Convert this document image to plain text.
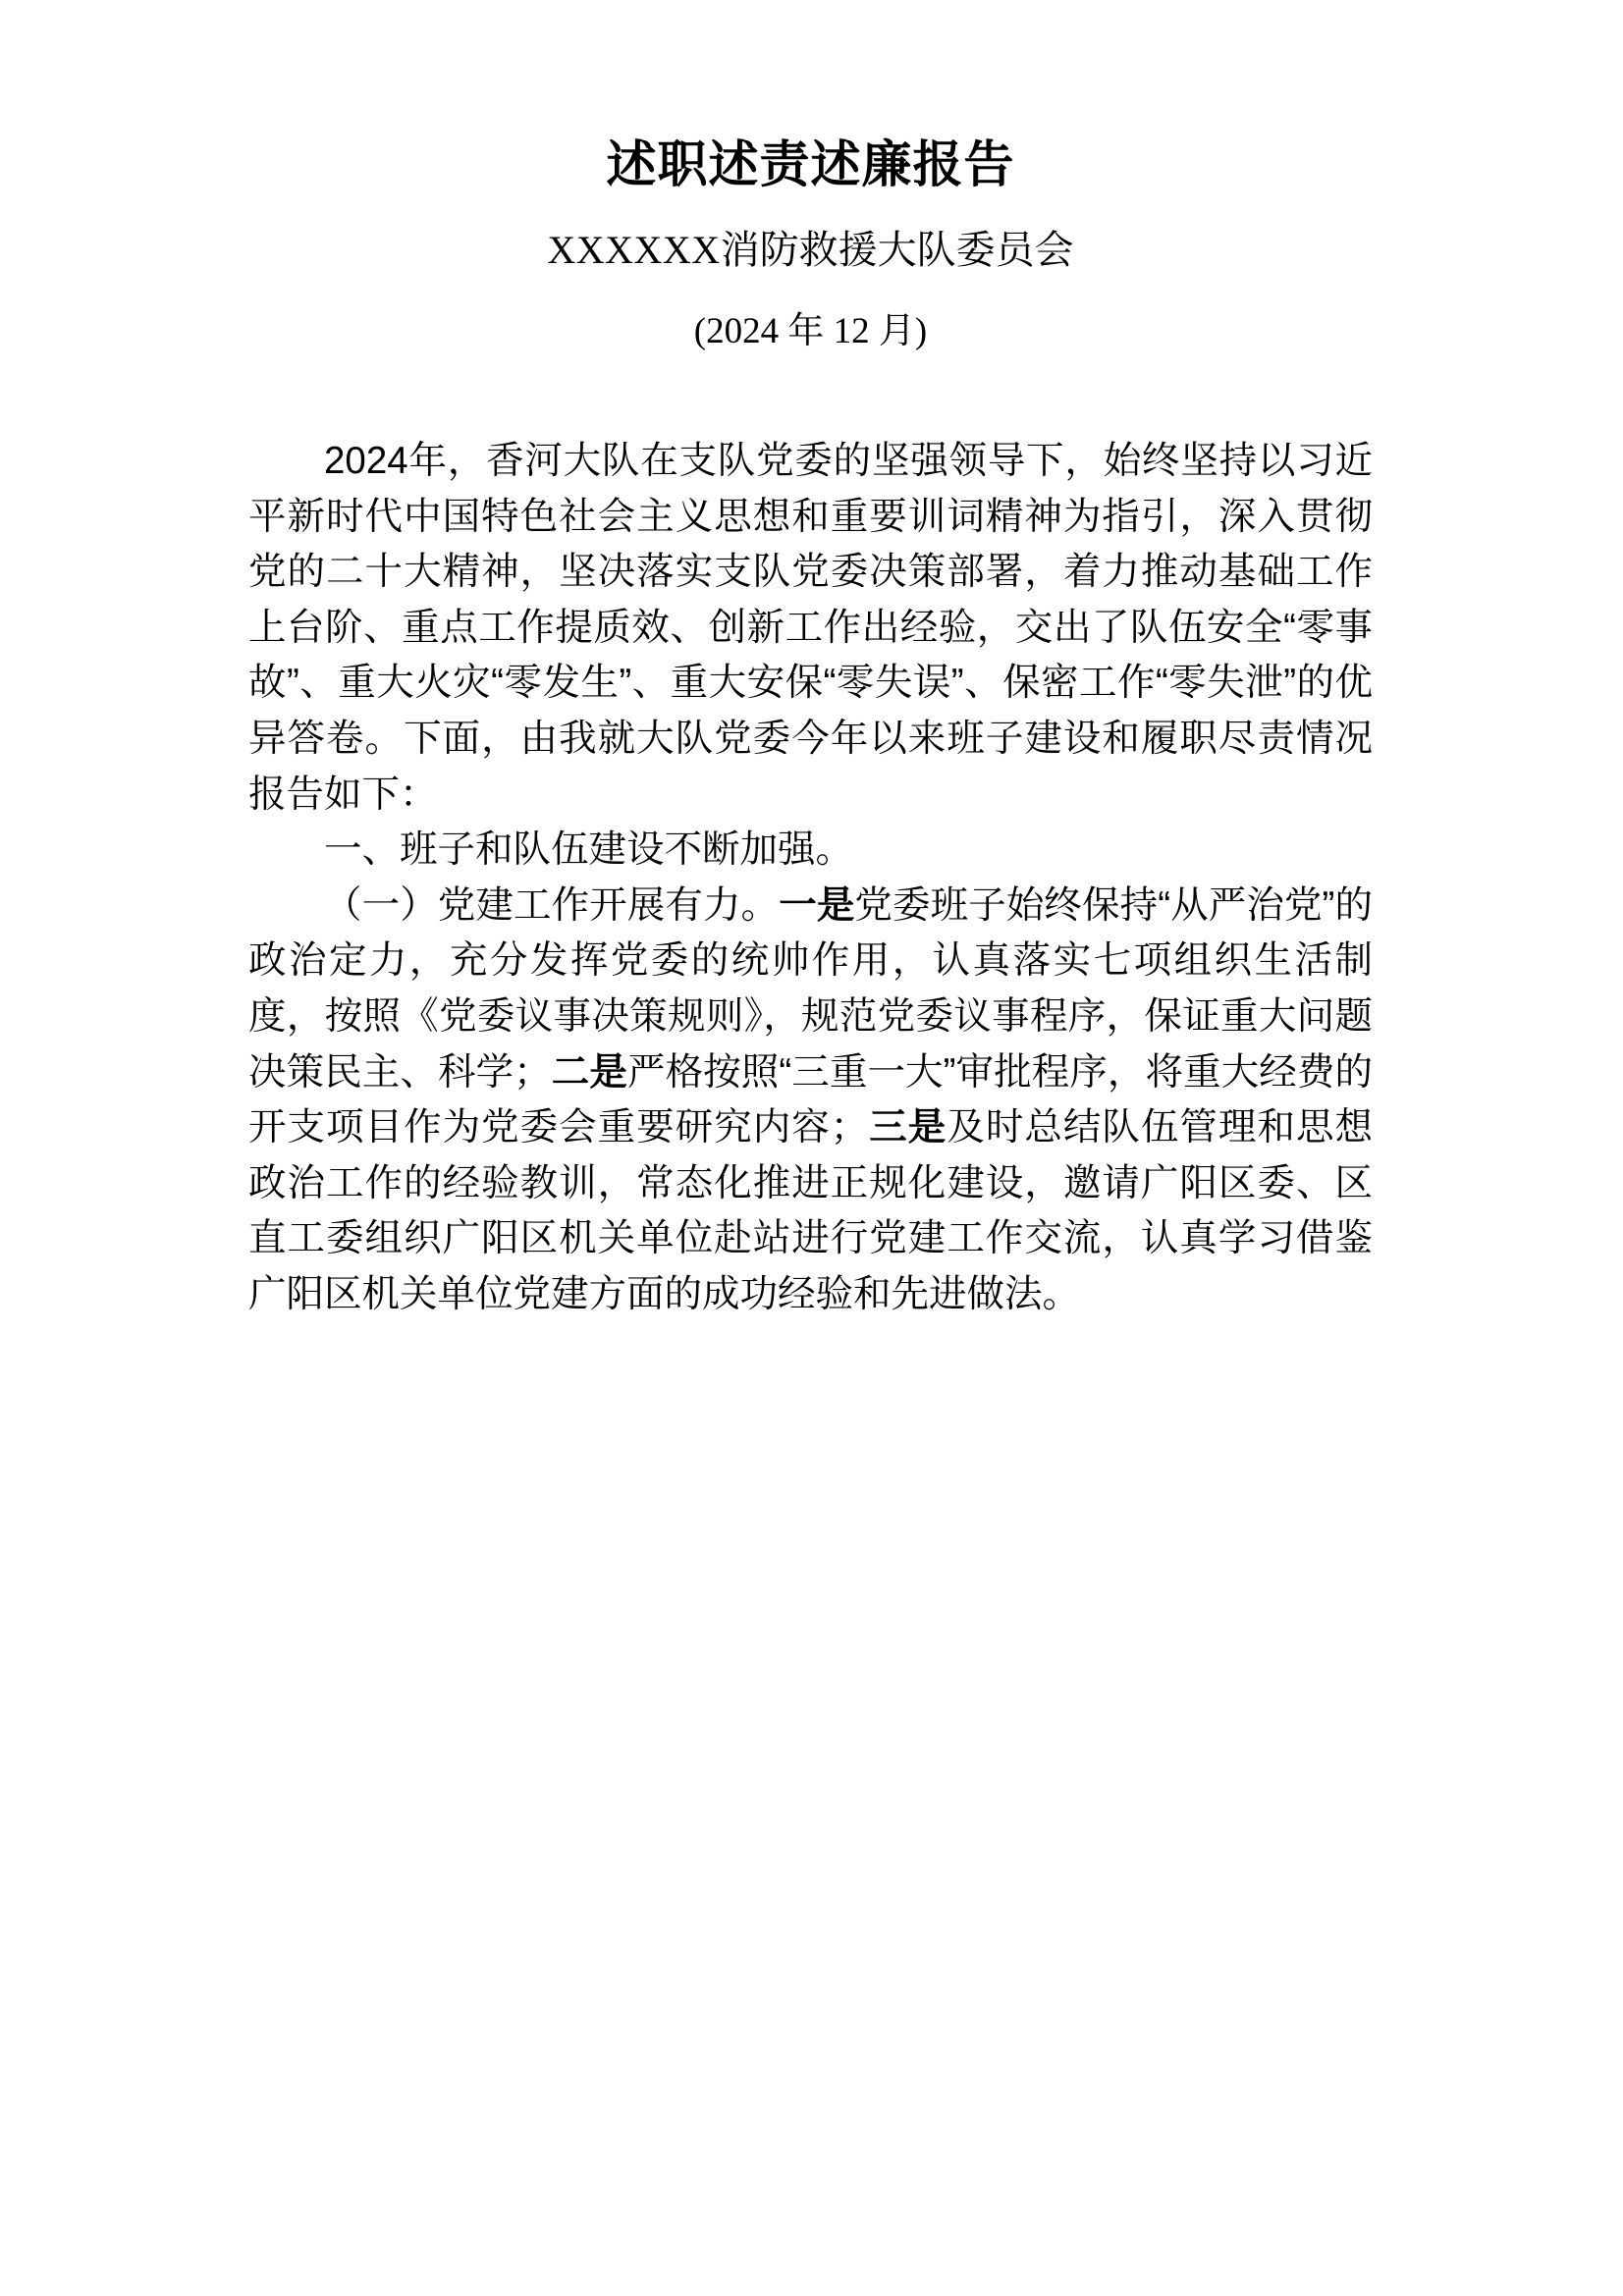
述职述责述廉报告
XXXXXX消防救援大队委员会
(2024 年 12 月)

2024年，香河大队在支队党委的坚强领导下，始终坚持以习近平新时代中国特色社会主义思想和重要训词精神为指引，深入贯彻党的二十大精神，坚决落实支队党委决策部署，着力推动基础工作上台阶、重点工作提质效、创新工作出经验，交出了队伍安全“零事故”、重大火灾“零发生”、重大安保“零失误”、保密工作“零失泄”的优异答卷。下面，由我就大队党委今年以来班子建设和履职尽责情况报告如下：

一、班子和队伍建设不断加强。

（一）党建工作开展有力。一是党委班子始终保持“从严治党”的政治定力，充分发挥党委的统帅作用，认真落实七项组织生活制度，按照《党委议事决策规则》，规范党委议事程序，保证重大问题决策民主、科学；二是严格按照“三重一大”审批程序，将重大经费的开支项目作为党委会重要研究内容；三是及时总结队伍管理和思想政治工作的经验教训，常态化推进正规化建设，邀请广阳区委、区直工委组织广阳区机关单位赴站进行党建工作交流，认真学习借鉴广阳区机关单位党建方面的成功经验和先进做法。
